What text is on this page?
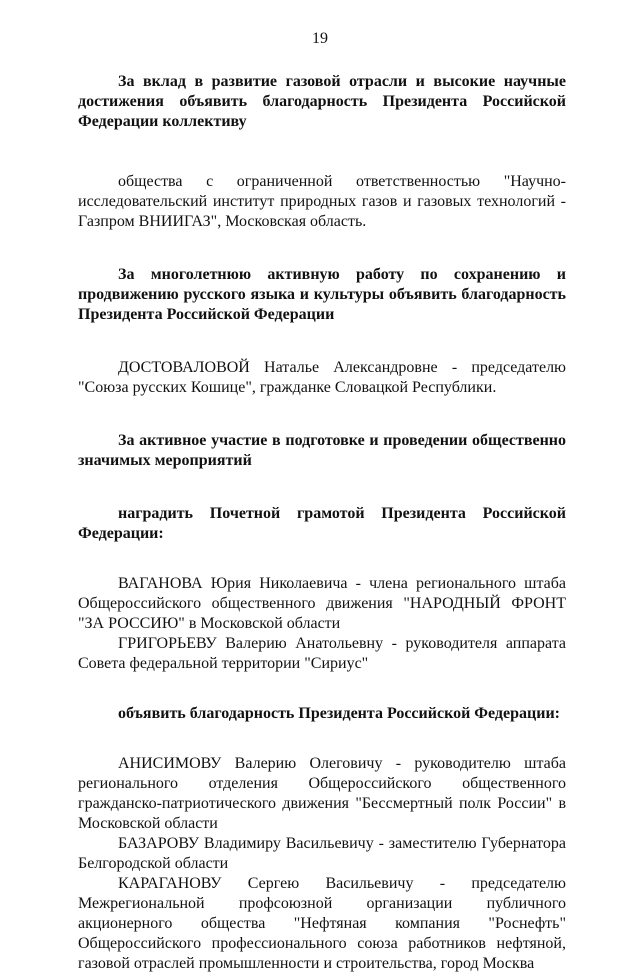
19

За вклад в развитие газовой отрасли и высокие научные достижения объявить благодарность Президента Российской Федерации коллективу

общества с ограниченной ответственностью "Научно-исследовательский институт природных газов и газовых технологий - Газпром ВНИИГАЗ", Московская область.

За многолетнюю активную работу по сохранению и продвижению русского языка и культуры объявить благодарность Президента Российской Федерации

ДОСТОВАЛОВОЙ Наталье Александровне - председателю "Союза русских Кошице", гражданке Словацкой Республики.

За активное участие в подготовке и проведении общественно значимых мероприятий

наградить Почетной грамотой Президента Российской Федерации:

ВАГАНОВА Юрия Николаевича - члена регионального штаба Общероссийского общественного движения "НАРОДНЫЙ ФРОНТ "ЗА РОССИЮ" в Московской области

ГРИГОРЬЕВУ Валерию Анатольевну - руководителя аппарата Совета федеральной территории "Сириус"

объявить благодарность Президента Российской Федерации:

АНИСИМОВУ Валерию Олеговичу - руководителю штаба регионального отделения Общероссийского общественного гражданско-патриотического движения "Бессмертный полк России" в Московской области

БАЗАРОВУ Владимиру Васильевичу - заместителю Губернатора Белгородской области

КАРАГАНОВУ Сергею Васильевичу - председателю Межрегиональной профсоюзной организации публичного акционерного общества "Нефтяная компания "Роснефть" Общероссийского профессионального союза работников нефтяной, газовой отраслей промышленности и строительства, город Москва
